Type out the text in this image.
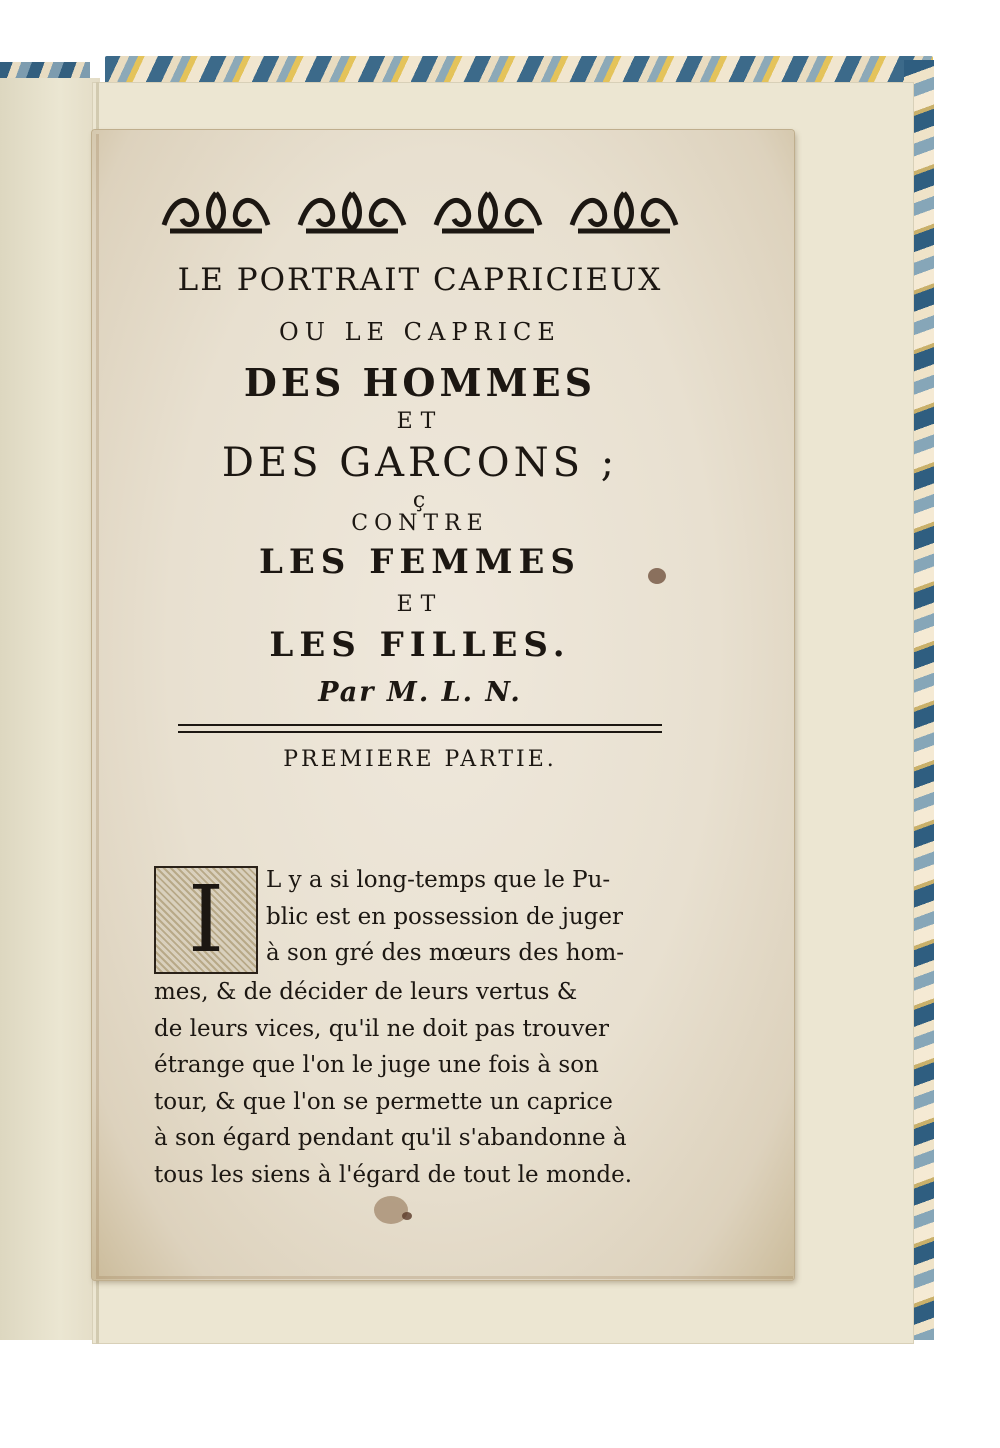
LE PORTRAIT CAPRICIEUX
OU LE CAPRICE
DES HOMMES
ET
DES GARCONS ;
ç
CONTRE
LES FEMMES
ET
LES FILLES.
Par M. L. N.
PREMIERE PARTIE.
I	L y a si long-temps que le Pu-
blic est en possession de juger
à son gré des mœurs des hom-
mes, & de décider de leurs vertus &
de leurs vices, qu'il ne doit pas trouver
étrange que l'on le juge une fois à son
tour, & que l'on se permette un caprice
à son égard pendant qu'il s'abandonne à
tous les siens à l'égard de tout le monde.
